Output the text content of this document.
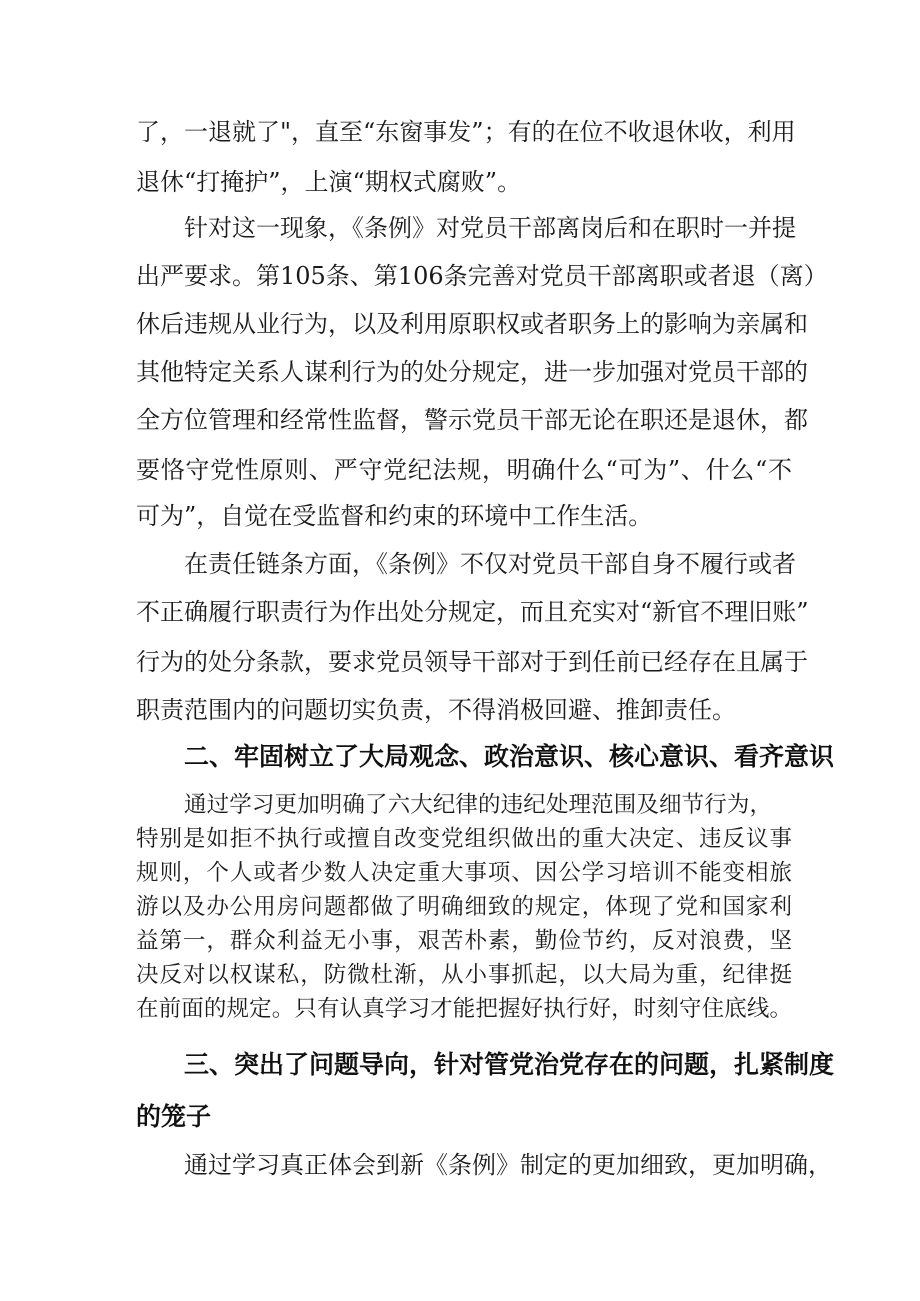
了，一退就了"，直至“东窗事发”；有的在位不收退休收，利用
退休“打掩护”，上演“期权式腐败”。
针对这一现象，《条例》对党员干部离岗后和在职时一并提
出严要求。第105条、第106条完善对党员干部离职或者退（离）
休后违规从业行为，以及利用原职权或者职务上的影响为亲属和
其他特定关系人谋利行为的处分规定，进一步加强对党员干部的
全方位管理和经常性监督，警示党员干部无论在职还是退休，都
要恪守党性原则、严守党纪法规，明确什么“可为”、什么“不
可为”，自觉在受监督和约束的环境中工作生活。
在责任链条方面，《条例》不仅对党员干部自身不履行或者
不正确履行职责行为作出处分规定，而且充实对“新官不理旧账”
行为的处分条款，要求党员领导干部对于到任前已经存在且属于
职责范围内的问题切实负责，不得消极回避、推卸责任。
二、牢固树立了大局观念、政治意识、核心意识、看齐意识
通过学习更加明确了六大纪律的违纪处理范围及细节行为，
特别是如拒不执行或擅自改变党组织做出的重大决定、违反议事
规则，个人或者少数人决定重大事项、因公学习培训不能变相旅
游以及办公用房问题都做了明确细致的规定，体现了党和国家利
益第一，群众利益无小事，艰苦朴素，勤俭节约，反对浪费，坚
决反对以权谋私，防微杜渐，从小事抓起，以大局为重，纪律挺
在前面的规定。只有认真学习才能把握好执行好，时刻守住底线。
三、突出了问题导向，针对管党治党存在的问题，扎紧制度
的笼子
通过学习真正体会到新《条例》制定的更加细致，更加明确，
